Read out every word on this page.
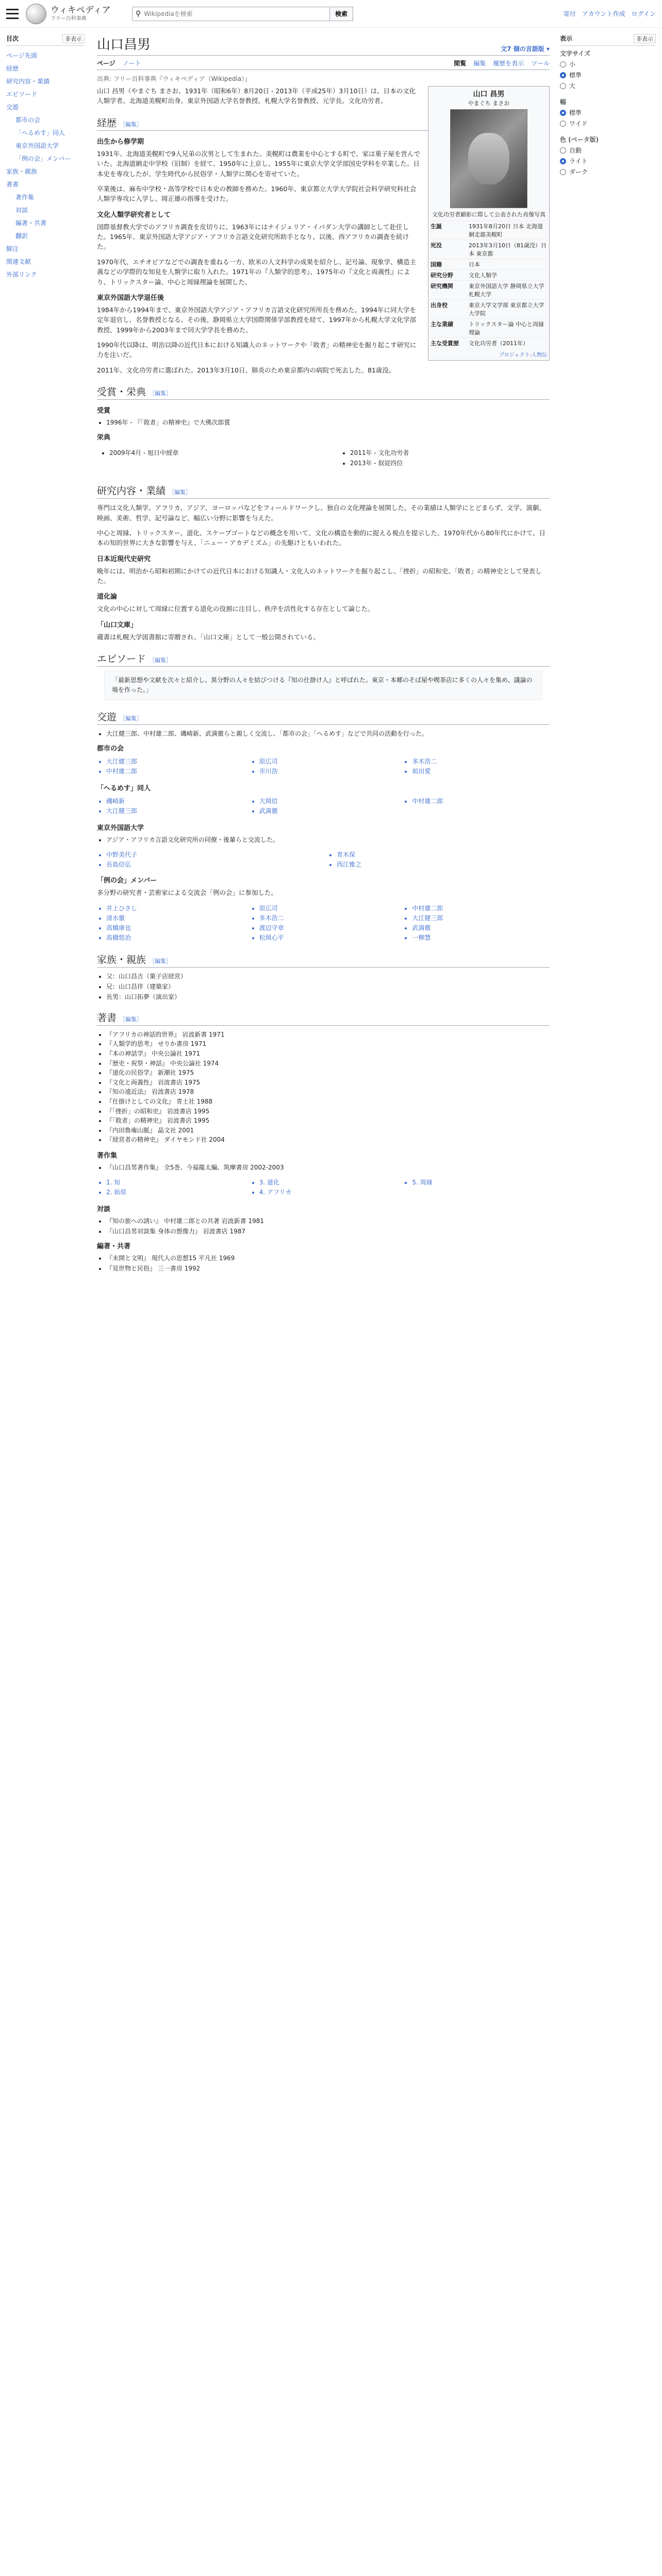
ウィキペディア
フリー百科事典
⚲
Wikipediaを検索	検索	寄付 アカウント作成 ログイン
目次	非表示
ページ先頭
経歴
研究内容・業績
エピソード
交遊
都市の会
「へるめす」同人
東京外国語大学
「例の会」メンバー
家族・親族
著書
著作集
対談
編著・共著
翻訳
脚注
関連文献
外部リンク
山口昌男	文7 個の言語版 ▾
ページ ノート	閲覧 編集 履歴を表示 ツール
出典: フリー百科事典『ウィキペディア（Wikipedia）』
山口 昌男
やまぐち まさお
文化功労者顕彰に際して公表された肖像写真
生誕	1931年8月20日 日本 北海道網走郡美幌町
死没	2013年3月10日（81歳没）日本 東京都
国籍	日本
研究分野	文化人類学
研究機関	東京外国語大学 静岡県立大学 札幌大学
出身校	東京大学文学部 東京都立大学大学院
主な業績	トリックスター論 中心と周縁理論
主な受賞歴	文化功労者（2011年）
プロジェクト:人物伝

山口 昌男（やまぐち まさお、1931年（昭和6年）8月20日 - 2013年（平成25年）3月10日）は、日本の文化人類学者。北海道美幌町出身。東京外国語大学名誉教授、札幌大学名誉教授、元学長。文化功労者。

経歴 ［ 編集 ］
出生から修学期

1931年、北海道美幌町で9人兄弟の次男として生まれた。美幌町は農業を中心とする町で、家は菓子屋を営んでいた。北海道網走中学校（旧制）を経て、1950年に上京し、1955年に東京大学文学部国史学科を卒業した。日本史を専攻したが、学生時代から民俗学・人類学に関心を寄せていた。

卒業後は、麻布中学校・高等学校で日本史の教師を務めた。1960年、東京都立大学大学院社会科学研究科社会人類学専攻に入学し、岡正雄の指導を受けた。

文化人類学研究者として

国際基督教大学でのアフリカ調査を皮切りに、1963年にはナイジェリア・イバダン大学の講師として赴任した。1965年、東京外国語大学アジア・アフリカ言語文化研究所助手となり、以後、西アフリカの調査を続けた。

1970年代、エチオピアなどでの調査を重ねる一方、欧米の人文科学の成果を紹介し、記号論、現象学、構造主義などの学際的な知見を人類学に取り入れた。1971年の『人類学的思考』、1975年の『文化と両義性』により、トリックスター論、中心と周縁理論を展開した。

東京外国語大学退任後

1984年から1994年まで、東京外国語大学アジア・アフリカ言語文化研究所所長を務めた。1994年に同大学を定年退官し、名誉教授となる。その後、静岡県立大学国際関係学部教授を経て、1997年から札幌大学文化学部教授、1999年から2003年まで同大学学長を務めた。

1990年代以降は、明治以降の近代日本における知識人のネットワークや「敗者」の精神史を掘り起こす研究に力を注いだ。

2011年、文化功労者に選ばれた。2013年3月10日、肺炎のため東京都内の病院で死去した。81歳没。

受賞・栄典 ［ 編集 ］
受賞
• 1996年 - 『「敗者」の精神史』で大佛次郎賞
栄典
• 2009年4月 - 旭日中綬章

•2011年 - 文化功労者
• 2013年 - 叙従四位
研究内容・業績 ［ 編集 ］

専門は文化人類学。アフリカ、アジア、ヨーロッパなどをフィールドワークし、独自の文化理論を展開した。その業績は人類学にとどまらず、文学、演劇、映画、美術、哲学、記号論など、幅広い分野に影響を与えた。

中心と周縁、トリックスター、道化、スケープゴートなどの概念を用いて、文化の構造を動的に捉える視点を提示した。1970年代から80年代にかけて、日本の知的世界に大きな影響を与え、「ニュー・アカデミズム」の先駆けともいわれた。

日本近現代史研究

晩年には、明治から昭和初期にかけての近代日本における知識人・文化人のネットワークを掘り起こし、「挫折」の昭和史、「敗者」の精神史として発表した。

道化論

文化の中心に対して周縁に位置する道化の役割に注目し、秩序を活性化する存在として論じた。

「山口文庫」

蔵書は札幌大学図書館に寄贈され、「山口文庫」として一般公開されている。

エピソード ［ 編集 ］
「最新思想や文献を次々と紹介し、異分野の人々を結びつける『知の仕掛け人』と呼ばれた。東京・本郷のそば屋や喫茶店に多くの人々を集め、議論の場を作った。」
交遊 ［ 編集 ］
• 大江健三郎、中村雄二郎、磯崎新、武満徹らと親しく交流し、「都市の会」「へるめす」などで共同の活動を行った。
都市の会
• 大江健三郎
• 中村雄二郎
• 原広司
• 市川浩
• 多木浩二
• 前田愛
「へるめす」同人
• 磯崎新
• 大江健三郎
• 大岡信
• 武満徹
• 中村雄二郎
東京外国語大学
• アジア・アフリカ言語文化研究所の同僚・後輩らと交流した。
• 中野美代子
• 長島信弘
• 青木保
• 西江雅之
「例の会」メンバー

多分野の研究者・芸術家による交流会「例の会」に参加した。

• 井上ひさし
• 清水徹
• 高橋康也
• 高橋悠治
• 原広司
• 多木浩二
• 渡辺守章
• 松岡心平
• 中村雄二郎
• 大江健三郎
• 武満徹
• 一柳慧
家族・親族 ［ 編集 ］
• 父：山口昌吉（菓子店経営）
• 兄：山口昌伴（建築家）
• 長男：山口拓夢（演出家）
著書 ［ 編集 ］
• 『アフリカの神話的世界』 岩波新書 1971
• 『人類学的思考』 せりか書房 1971
• 『本の神話学』 中央公論社 1971
• 『歴史・祝祭・神話』 中央公論社 1974
• 『道化の民俗学』 新潮社 1975
• 『文化と両義性』 岩波書店 1975
• 『知の遠近法』 岩波書店 1978
• 『仕掛けとしての文化』 青土社 1988
• 『「挫折」の昭和史』 岩波書店 1995
• 『「敗者」の精神史』 岩波書店 1995
• 『内田魯庵山脈』 晶文社 2001
• 『経営者の精神史』 ダイヤモンド社 2004
著作集
• 『山口昌男著作集』 全5巻、今福龍太編、筑摩書房 2002-2003
• 1. 知
• 2. 始原
• 3. 道化
• 4. アフリカ
• 5. 周縁
対談
• 『知の旅への誘い』 中村雄二郎との共著 岩波新書 1981
• 『山口昌男対談集 身体の想像力』 岩波書店 1987
編著・共著
• 『未開と文明』 現代人の思想15 平凡社 1969
• 『見世物と民俗』 三一書房 1992
表示	非表示
文字サイズ
小
標準
大
幅
標準
ワイド
色 (ベータ版)
自動
ライト
ダーク
